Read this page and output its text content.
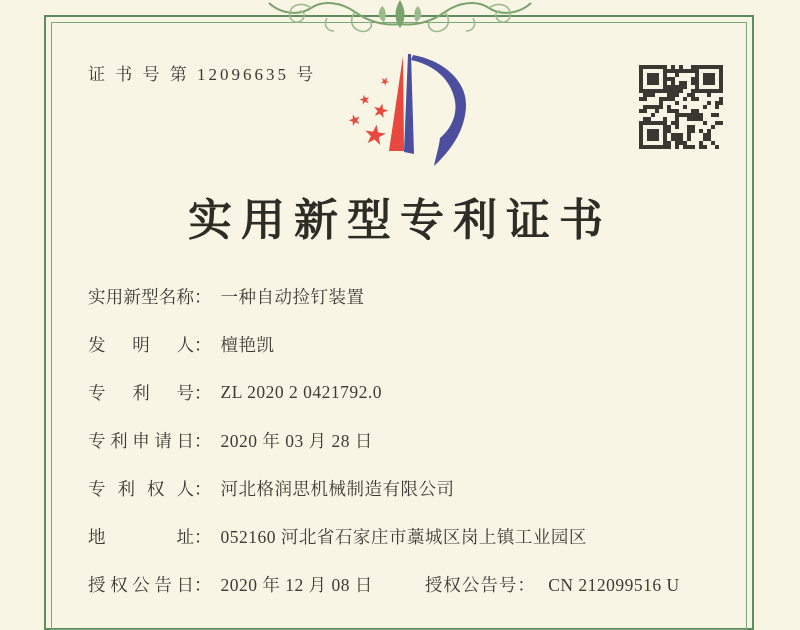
证 书 号 第 12096635 号	★
★
★
★
★
实用新型专利证书
实用新型名称 ： 一种自动捡钉装置
发明人 ： 檀艳凯
专利号 ： ZL 2020 2 0421792.0
专利申请日 ： 2020 年 03 月 28 日
专利权人 ： 河北格润思机械制造有限公司
地址 ： 052160 河北省石家庄市藁城区岗上镇工业园区
授权公告日 ： 2020 年 12 月 08 日	授权公告号： CN 212099516 U
